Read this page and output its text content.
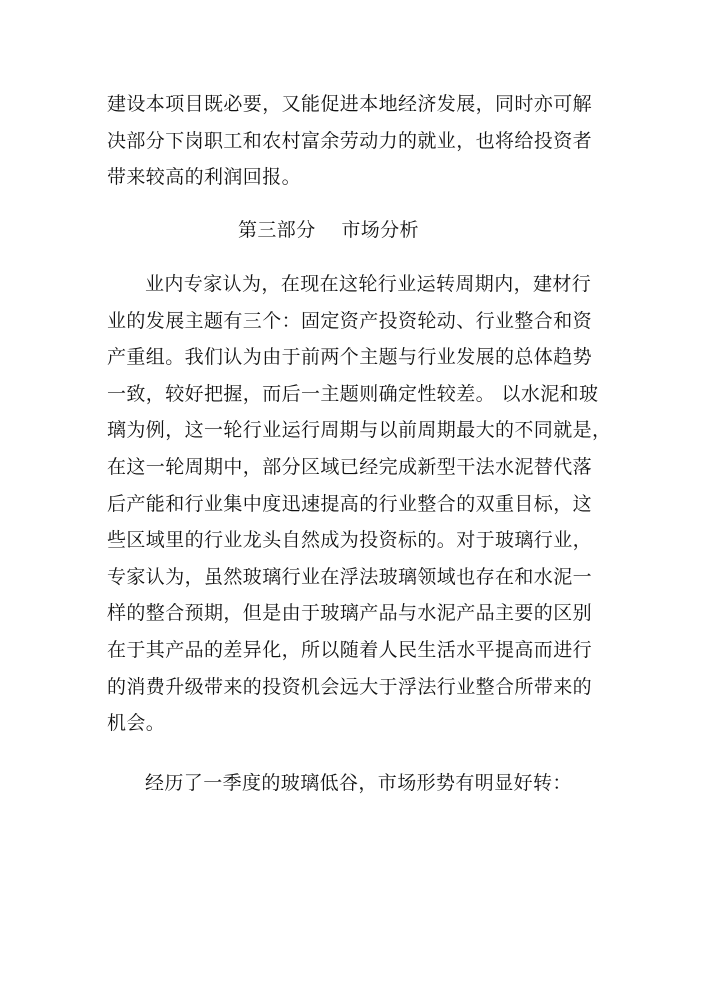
建设本项目既必要，又能促进本地经济发展，同时亦可解
决部分下岗职工和农村富余劳动力的就业，也将给投资者
带来较高的利润回报。
第三部分    市场分析
业内专家认为，在现在这轮行业运转周期内，建材行
业的发展主题有三个：固定资产投资轮动、行业整合和资
产重组。我们认为由于前两个主题与行业发展的总体趋势
一致，较好把握，而后一主题则确定性较差。 以水泥和玻
璃为例，这一轮行业运行周期与以前周期最大的不同就是，
在这一轮周期中，部分区域已经完成新型干法水泥替代落
后产能和行业集中度迅速提高的行业整合的双重目标，这
些区域里的行业龙头自然成为投资标的。对于玻璃行业，
专家认为，虽然玻璃行业在浮法玻璃领域也存在和水泥一
样的整合预期，但是由于玻璃产品与水泥产品主要的区别
在于其产品的差异化，所以随着人民生活水平提高而进行
的消费升级带来的投资机会远大于浮法行业整合所带来的
机会。
经历了一季度的玻璃低谷，市场形势有明显好转：
